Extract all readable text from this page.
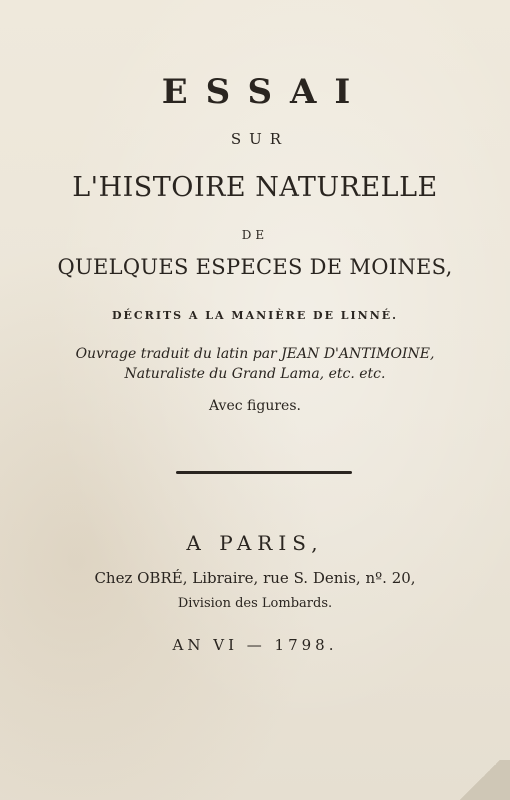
ESSAI
SUR
L'HISTOIRE NATURELLE
DE
QUELQUES ESPECES DE MOINES,
DÉCRITS A LA MANIÈRE DE LINNÉ.
Ouvrage traduit du latin par JEAN D'ANTIMOINE,
Naturaliste du Grand Lama, etc. etc.
Avec figures.
A PARIS,
Chez OBRÉ, Libraire, rue S. Denis, nº. 20,
Division des Lombards.
AN VI — 1798.
